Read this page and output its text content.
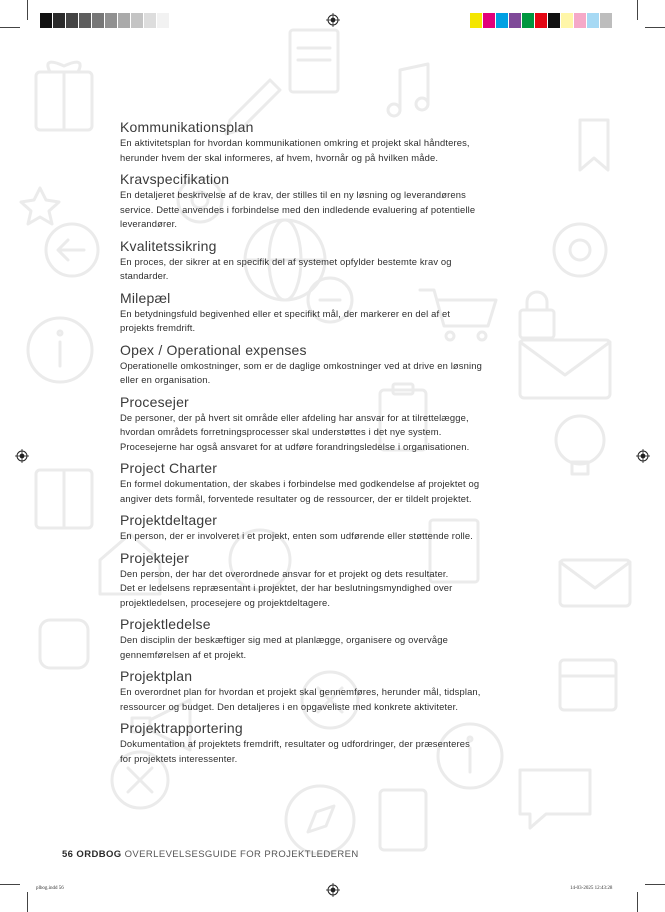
Kommunikationsplan
En aktivitetsplan for hvordan kommunikationen omkring et projekt skal håndteres,
herunder hvem der skal informeres, af hvem, hvornår og på hvilken måde.
Kravspecifikation
En detaljeret beskrivelse af de krav, der stilles til en ny løsning og leverandørens
service. Dette anvendes i forbindelse med den indledende evaluering af potentielle
leverandører.
Kvalitetssikring
En proces, der sikrer at en specifik del af systemet opfylder bestemte krav og
standarder.
Milepæl
En betydningsfuld begivenhed eller et specifikt mål, der markerer en del af et
projekts fremdrift.
Opex / Operational expenses
Operationelle omkostninger, som er de daglige omkostninger ved at drive en løsning
eller en organisation.
Procesejer
De personer, der på hvert sit område eller afdeling har ansvar for at tilrettelægge,
hvordan områdets forretningsprocesser skal understøttes i det nye system.
Procesejerne har også ansvaret for at udføre forandringsledelse i organisationen.
Project Charter
En formel dokumentation, der skabes i forbindelse med godkendelse af projektet og
angiver dets formål, forventede resultater og de ressourcer, der er tildelt projektet.
Projektdeltager
En person, der er involveret i et projekt, enten som udførende eller støttende rolle.
Projektejer
Den person, der har det overordnede ansvar for et projekt og dets resultater.
Det er ledelsens repræsentant i projektet, der har beslutningsmyndighed over
projektledelsen, procesejere og projektdeltagere.
Projektledelse
Den disciplin der beskæftiger sig med at planlægge, organisere og overvåge
gennemførelsen af et projekt.
Projektplan
En overordnet plan for hvordan et projekt skal gennemføres, herunder mål, tidsplan,
ressourcer og budget. Den detaljeres i en opgaveliste med konkrete aktiviteter.
Projektrapportering
Dokumentation af projektets fremdrift, resultater og udfordringer, der præsenteres
for projektets interessenter.
56 ORDBOG OVERLEVELSESGUIDE FOR PROJEKTLEDEREN
plbog.indd 56	14-03-2025 12:43:28
